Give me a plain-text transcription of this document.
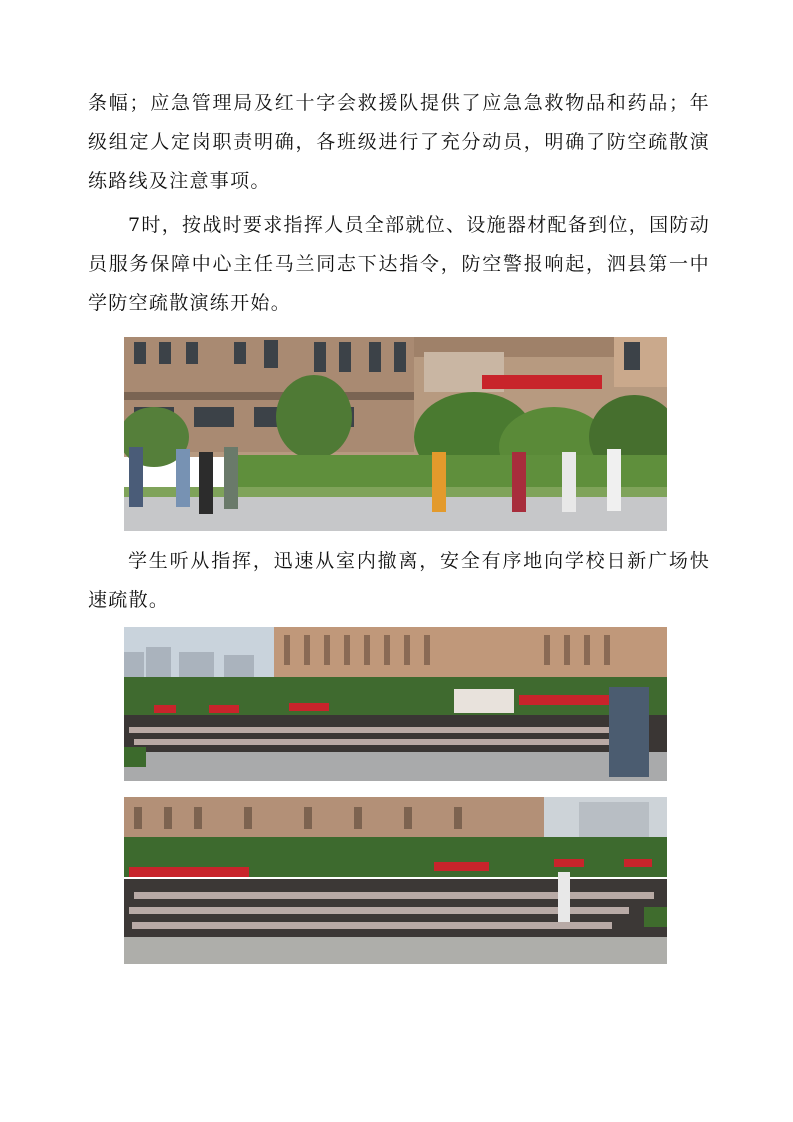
条幅；应急管理局及红十字会救援队提供了应急急救物品和药品；年级组定人定岗职责明确，各班级进行了充分动员，明确了防空疏散演练路线及注意事项。

7时，按战时要求指挥人员全部就位、设施器材配备到位，国防动员服务保障中心主任马兰同志下达指令，防空警报响起，泗县第一中学防空疏散演练开始。

学生听从指挥，迅速从室内撤离，安全有序地向学校日新广场快速疏散。
